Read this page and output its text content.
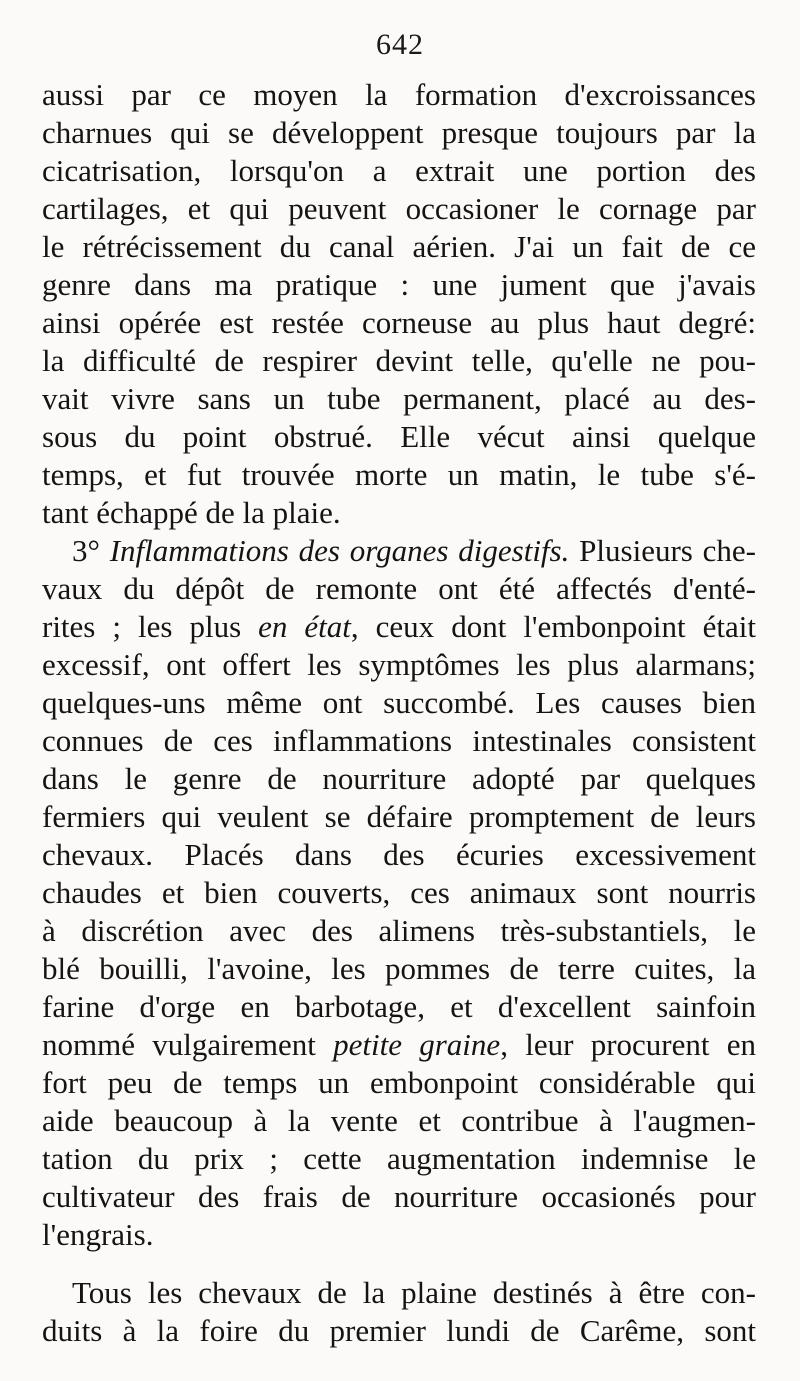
642
aussi par ce moyen la formation d'excroissances
charnues qui se développent presque toujours par la
cicatrisation, lorsqu'on a extrait une portion des
cartilages, et qui peuvent occasioner le cornage par
le rétrécissement du canal aérien. J'ai un fait de ce
genre dans ma pratique : une jument que j'avais
ainsi opérée est restée corneuse au plus haut degré:
la difficulté de respirer devint telle, qu'elle ne pou-
vait vivre sans un tube permanent, placé au des-
sous du point obstrué. Elle vécut ainsi quelque
temps, et fut trouvée morte un matin, le tube s'é-
tant échappé de la plaie.
3° Inflammations des organes digestifs. Plusieurs che-
vaux du dépôt de remonte ont été affectés d'enté-
rites ; les plus en état, ceux dont l'embonpoint était
excessif, ont offert les symptômes les plus alarmans;
quelques-uns même ont succombé. Les causes bien
connues de ces inflammations intestinales consistent
dans le genre de nourriture adopté par quelques
fermiers qui veulent se défaire promptement de leurs
chevaux. Placés dans des écuries excessivement
chaudes et bien couverts, ces animaux sont nourris
à discrétion avec des alimens très-substantiels, le
blé bouilli, l'avoine, les pommes de terre cuites, la
farine d'orge en barbotage, et d'excellent sainfoin
nommé vulgairement petite graine, leur procurent en
fort peu de temps un embonpoint considérable qui
aide beaucoup à la vente et contribue à l'augmen-
tation du prix ; cette augmentation indemnise le
cultivateur des frais de nourriture occasionés pour
l'engrais.
Tous les chevaux de la plaine destinés à être con-
duits à la foire du premier lundi de Carême, sont
